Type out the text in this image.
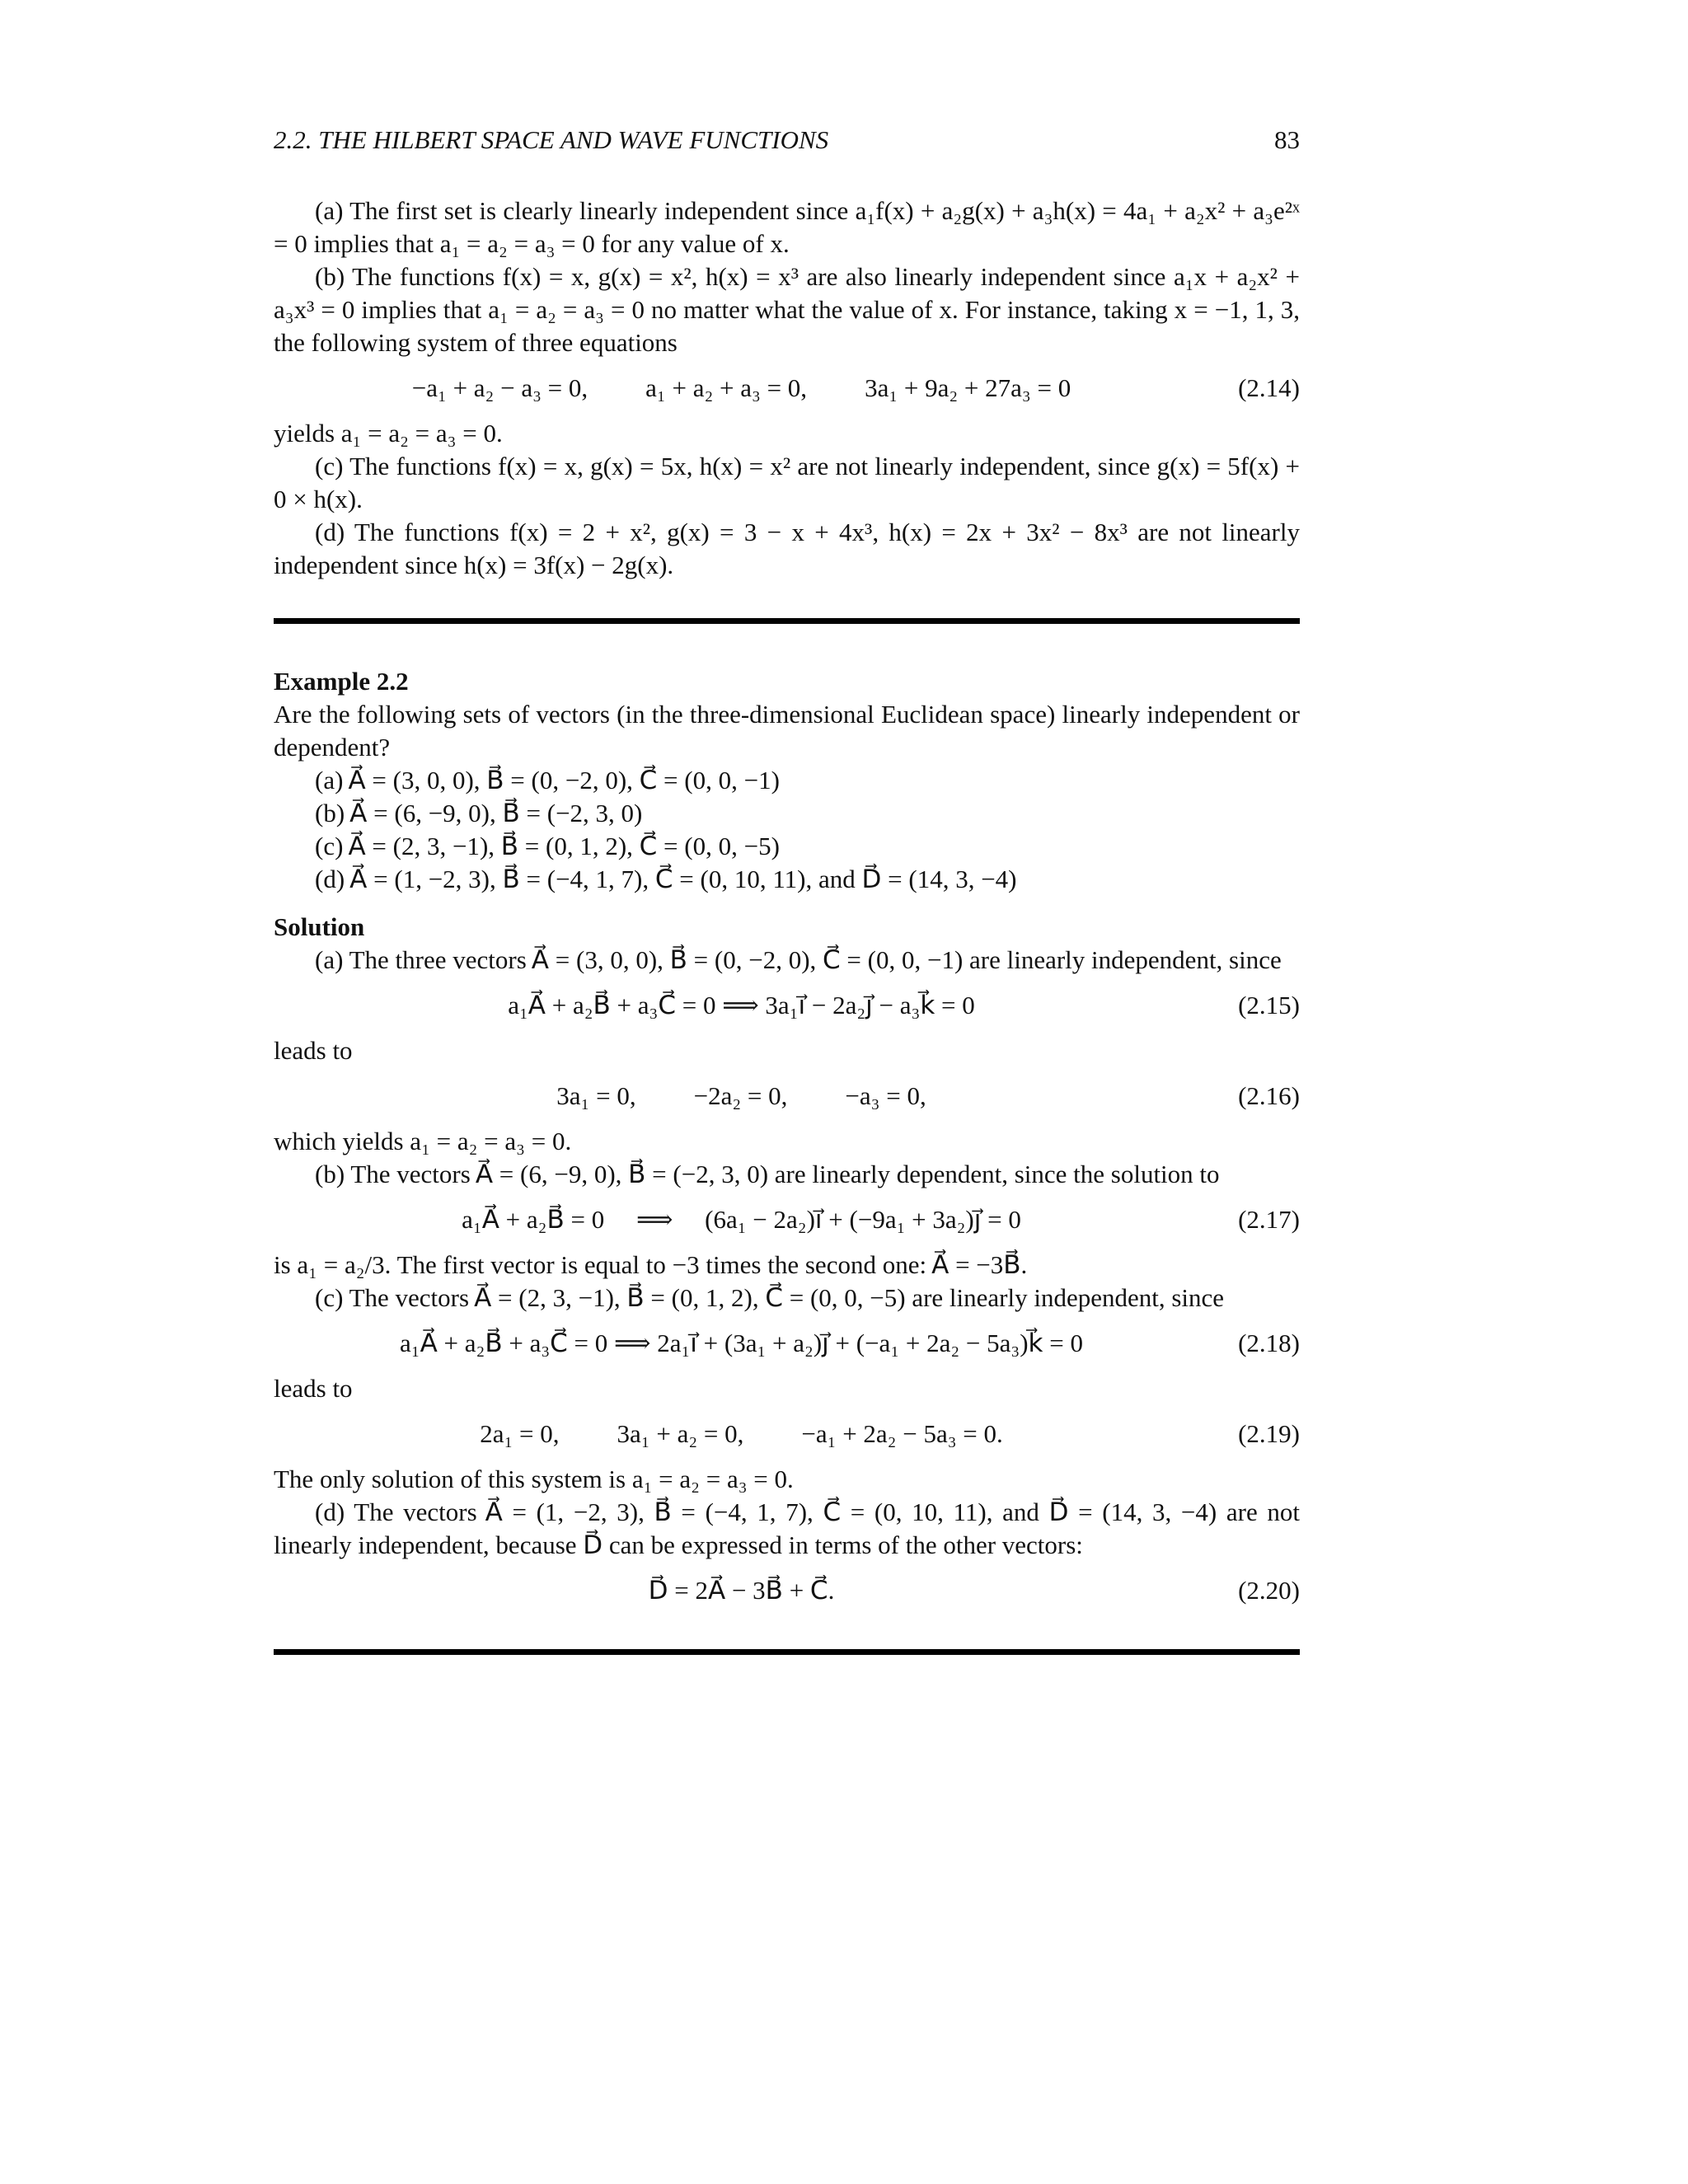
2.2. THE HILBERT SPACE AND WAVE FUNCTIONS	83

(a) The first set is clearly linearly independent since a₁f(x) + a₂g(x) + a₃h(x) = 4a₁ + a₂x² + a₃e²ˣ = 0 implies that a₁ = a₂ = a₃ = 0 for any value of x.

(b) The functions f(x) = x, g(x) = x², h(x) = x³ are also linearly independent since a₁x + a₂x² + a₃x³ = 0 implies that a₁ = a₂ = a₃ = 0 no matter what the value of x. For instance, taking x = −1, 1, 3, the following system of three equations

−a₁ + a₂ − a₃ = 0, a₁ + a₂ + a₃ = 0, 3a₁ + 9a₂ + 27a₃ = 0	(2.14)

yields a₁ = a₂ = a₃ = 0.

(c) The functions f(x) = x, g(x) = 5x, h(x) = x² are not linearly independent, since g(x) = 5f(x) + 0 × h(x).

(d) The functions f(x) = 2 + x², g(x) = 3 − x + 4x³, h(x) = 2x + 3x² − 8x³ are not linearly independent since h(x) = 3f(x) − 2g(x).

Example 2.2

Are the following sets of vectors (in the three-dimensional Euclidean space) linearly independent or dependent?

(a) A⃗ = (3, 0, 0), B⃗ = (0, −2, 0), C⃗ = (0, 0, −1)

(b) A⃗ = (6, −9, 0), B⃗ = (−2, 3, 0)

(c) A⃗ = (2, 3, −1), B⃗ = (0, 1, 2), C⃗ = (0, 0, −5)

(d) A⃗ = (1, −2, 3), B⃗ = (−4, 1, 7), C⃗ = (0, 10, 11), and D⃗ = (14, 3, −4)

Solution

(a) The three vectors A⃗ = (3, 0, 0), B⃗ = (0, −2, 0), C⃗ = (0, 0, −1) are linearly independent, since

a₁A⃗ + a₂B⃗ + a₃C⃗ = 0 ⟹ 3a₁i⃗ − 2a₂j⃗ − a₃k⃗ = 0	(2.15)

leads to

3a₁ = 0, −2a₂ = 0, −a₃ = 0,	(2.16)

which yields a₁ = a₂ = a₃ = 0.

(b) The vectors A⃗ = (6, −9, 0), B⃗ = (−2, 3, 0) are linearly dependent, since the solution to

a₁A⃗ + a₂B⃗ = 0     ⟹     (6a₁ − 2a₂)i⃗ + (−9a₁ + 3a₂)j⃗ = 0	(2.17)

is a₁ = a₂/3. The first vector is equal to −3 times the second one: A⃗ = −3B⃗.

(c) The vectors A⃗ = (2, 3, −1), B⃗ = (0, 1, 2), C⃗ = (0, 0, −5) are linearly independent, since

a₁A⃗ + a₂B⃗ + a₃C⃗ = 0 ⟹ 2a₁i⃗ + (3a₁ + a₂)j⃗ + (−a₁ + 2a₂ − 5a₃)k⃗ = 0	(2.18)

leads to

2a₁ = 0, 3a₁ + a₂ = 0, −a₁ + 2a₂ − 5a₃ = 0.	(2.19)

The only solution of this system is a₁ = a₂ = a₃ = 0.

(d) The vectors A⃗ = (1, −2, 3), B⃗ = (−4, 1, 7), C⃗ = (0, 10, 11), and D⃗ = (14, 3, −4) are not linearly independent, because D⃗ can be expressed in terms of the other vectors:

D⃗ = 2A⃗ − 3B⃗ + C⃗.	(2.20)
